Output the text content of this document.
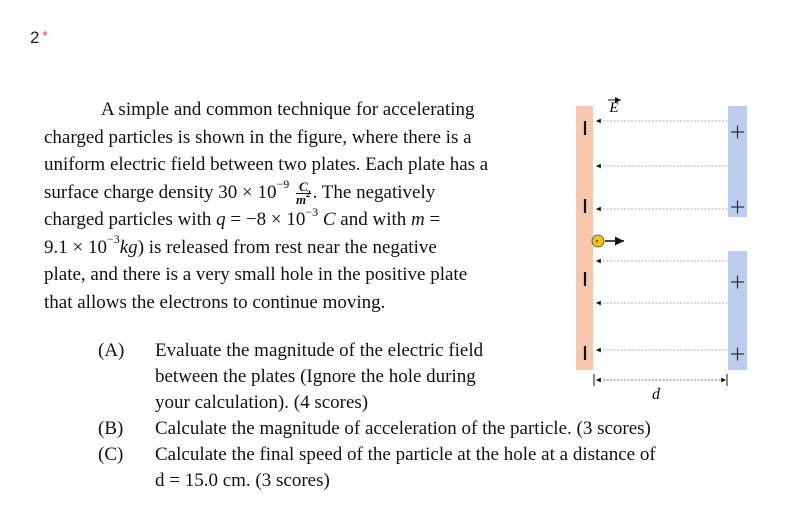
2 *
A simple and common technique for accelerating
charged particles is shown in the figure, where there is a
uniform electric field between two plates. Each plate has a
surface charge density $30 \times 10^{-9} \frac{C}{m^2}$ . The negatively
charged particles with $q = -8 \times 10^{-3}$ C and with m =
$9.1 \times 10^{-3}kg$) is released from rest near the negative
plate, and there is a very small hole in the positive plate
that allows the electrons to continue moving.
(A) Evaluate the magnitude of the electric field
between the plates (Ignore the hole during
your calculation). (4 scores)
(B) Calculate the magnitude of acceleration of the particle. (3 scores)
(C) Calculate the final speed of the particle at the hole at a distance of
d = 15.0 cm. (3 scores)
E
d
